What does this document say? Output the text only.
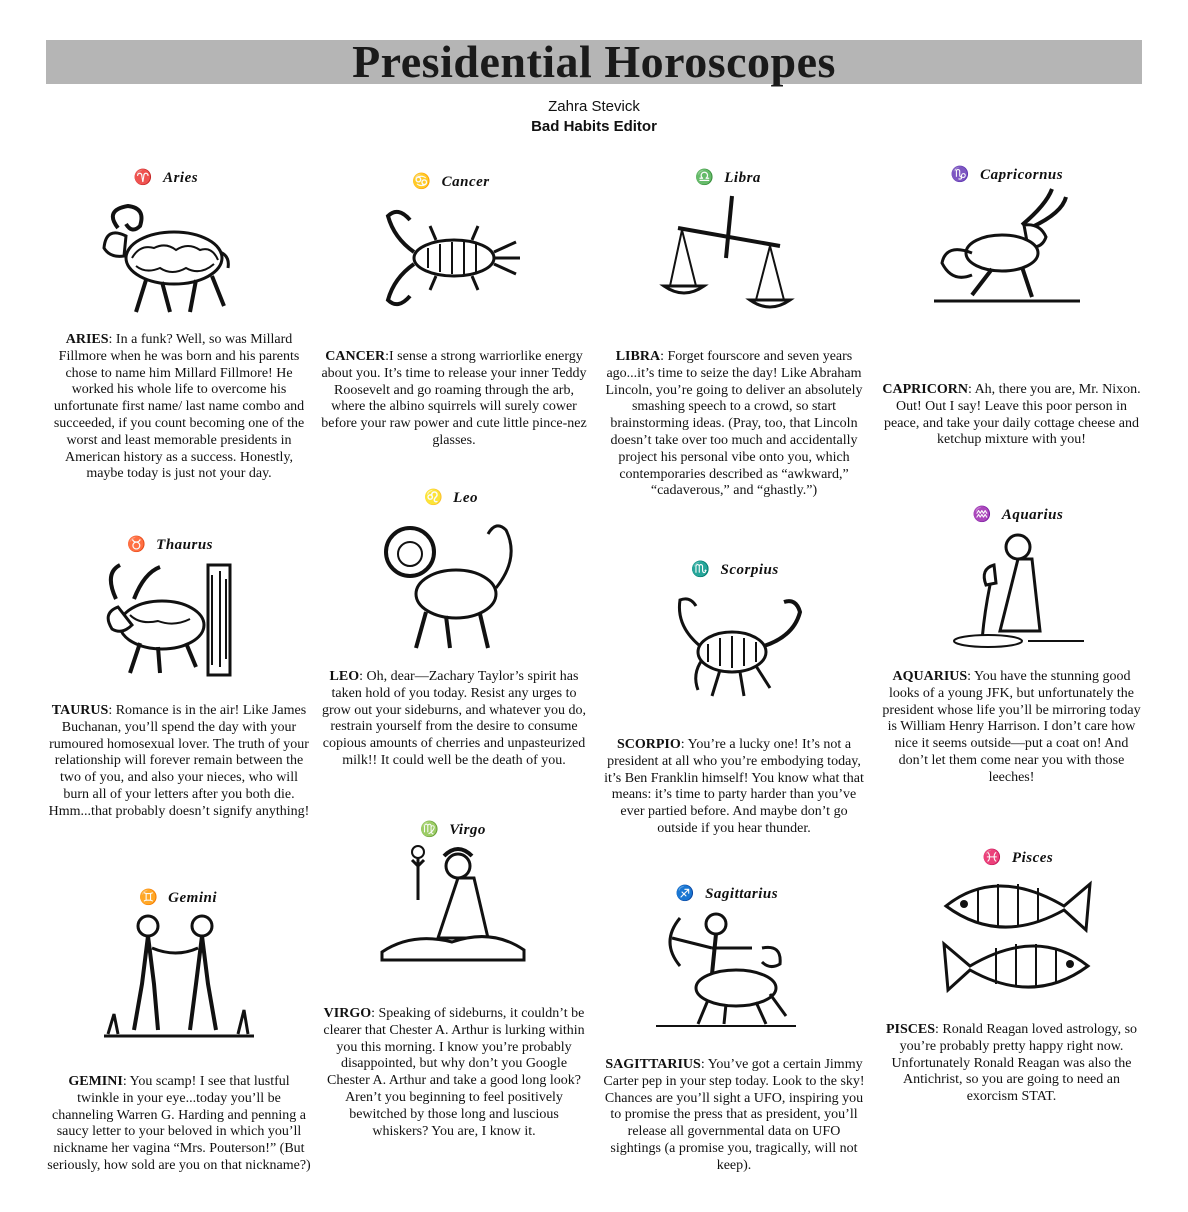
Presidential Horoscopes
Zahra Stevick
Bad Habits Editor
♈ Aries

ARIES: In a funk? Well, so was Millard Fillmore when he was born and his parents chose to name him Millard Fillmore! He worked his whole life to overcome his unfortunate first name/ last name combo and succeeded, if you count becoming one of the worst and least memorable presidents in American history as a success. Honestly, maybe today is just not your day.

♉ Thaurus

TAURUS: Romance is in the air! Like James Buchanan, you’ll spend the day with your rumoured homosexual lover. The truth of your relationship will forever remain between the two of you, and also your nieces, who will burn all of your letters after you both die. Hmm...that probably doesn’t signify anything!

♊ Gemini

GEMINI: You scamp! I see that lustful twinkle in your eye...today you’ll be channeling Warren G. Harding and penning a saucy letter to your beloved in which you’ll nickname her vagina “Mrs. Pouterson!” (But seriously, how sold are you on that nickname?)

♋ Cancer

CANCER:I sense a strong warriorlike energy about you. It’s time to release your inner Teddy Roosevelt and go roaming through the arb, where the albino squirrels will surely cower before your raw power and cute little pince-nez glasses.

♌ Leo

LEO: Oh, dear—Zachary Taylor’s spirit has taken hold of you today. Resist any urges to grow out your sideburns, and whatever you do, restrain yourself from the desire to consume copious amounts of cherries and unpasteurized milk!! It could well be the death of you.

♍ Virgo

VIRGO: Speaking of sideburns, it couldn’t be clearer that Chester A. Arthur is lurking within you this morning. I know you’re probably disappointed, but why don’t you Google Chester A. Arthur and take a good long look? Aren’t you beginning to feel positively bewitched by those long and luscious whiskers? You are, I know it.

♎ Libra

LIBRA: Forget fourscore and seven years ago...it’s time to seize the day! Like Abraham Lincoln, you’re going to deliver an absolutely smashing speech to a crowd, so start brainstorming ideas. (Pray, too, that Lincoln doesn’t take over too much and accidentally project his personal vibe onto you, which contemporaries described as “awkward,” “cadaverous,” and “ghastly.”)

♏ Scorpius

SCORPIO: You’re a lucky one! It’s not a president at all who you’re embodying today, it’s Ben Franklin himself! You know what that means: it’s time to party harder than you’ve ever partied before. And maybe don’t go outside if you hear thunder.

♐ Sagittarius

SAGITTARIUS: You’ve got a certain Jimmy Carter pep in your step today. Look to the sky! Chances are you’ll sight a UFO, inspiring you to promise the press that as president, you’ll release all governmental data on UFO sightings (a promise you, tragically, will not keep).

♑ Capricornus

CAPRICORN: Ah, there you are, Mr. Nixon. Out! Out I say! Leave this poor person in peace, and take your daily cottage cheese and ketchup mixture with you!

♒ Aquarius

AQUARIUS: You have the stunning good looks of a young JFK, but unfortunately the president whose life you’ll be mirroring today is William Henry Harrison. I don’t care how nice it seems outside—put a coat on! And don’t let them come near you with those leeches!

♓ Pisces

PISCES: Ronald Reagan loved astrology, so you’re probably pretty happy right now. Unfortunately Ronald Reagan was also the Antichrist, so you are going to need an exorcism STAT.
